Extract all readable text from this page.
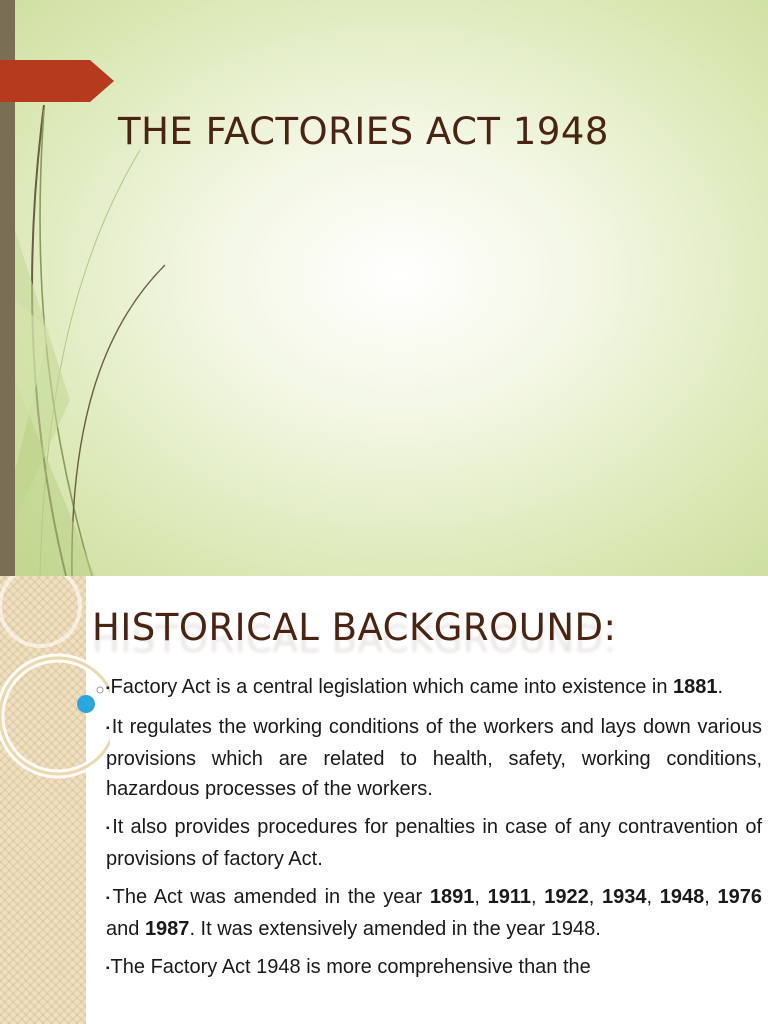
THE FACTORIES ACT 1948
HISTORICAL BACKGROUND:

▪Factory Act is a central legislation which came into existence in 1881.

▪It regulates the working conditions of the workers and lays down various provisions which are related to health, safety, working conditions, hazardous processes of the workers.

▪It also provides procedures for penalties in case of any contravention of provisions of factory Act.

▪The Act was amended in the year 1891, 1911, 1922, 1934, 1948, 1976 and 1987. It was extensively amended in the year 1948.

▪The Factory Act 1948 is more comprehensive than the
